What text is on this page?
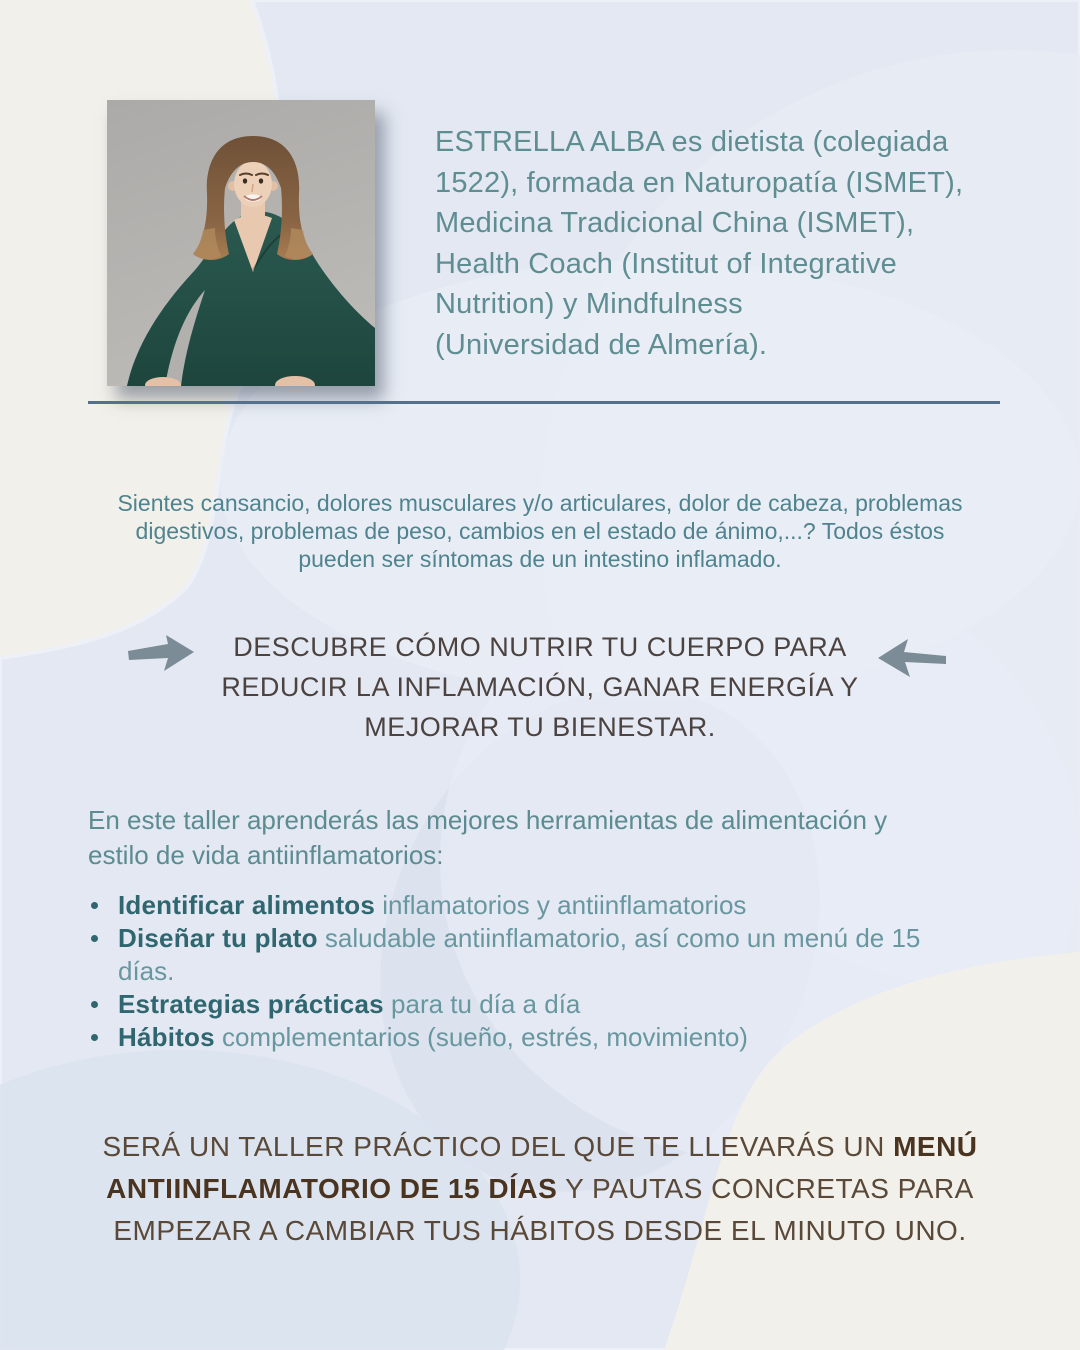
ESTRELLA ALBA es dietista (colegiada
1522), formada en Naturopatía (ISMET),
Medicina Tradicional China (ISMET),
Health Coach (Institut of Integrative
Nutrition) y Mindfulness
(Universidad de Almería).
Sientes cansancio, dolores musculares y/o articulares, dolor de cabeza, problemas
digestivos, problemas de peso, cambios en el estado de ánimo,...? Todos éstos
pueden ser síntomas de un intestino inflamado.
DESCUBRE CÓMO NUTRIR TU CUERPO PARA
REDUCIR LA INFLAMACIÓN, GANAR ENERGÍA Y
MEJORAR TU BIENESTAR.
En este taller aprenderás las mejores herramientas de alimentación y
estilo de vida antiinflamatorios:
Identificar alimentos inflamatorios y antiinflamatorios
Diseñar tu plato saludable antiinflamatorio, así como un menú de 15 días.
Estrategias prácticas para tu día a día
Hábitos complementarios (sueño, estrés, movimiento)
SERÁ UN TALLER PRÁCTICO DEL QUE TE LLEVARÁS UN MENÚ
ANTIINFLAMATORIO DE 15 DÍAS Y PAUTAS CONCRETAS PARA
EMPEZAR A CAMBIAR TUS HÁBITOS DESDE EL MINUTO UNO.
